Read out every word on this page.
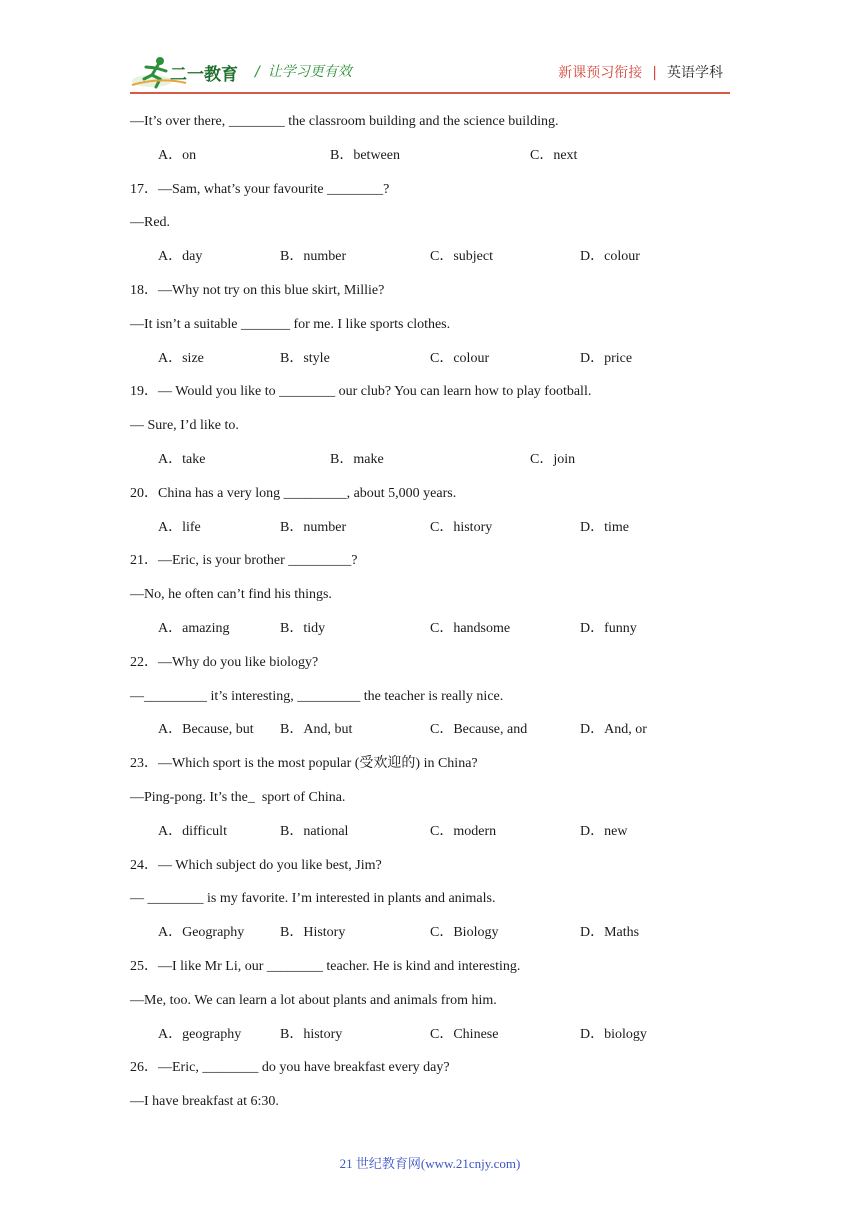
二一教育 / 让学习更有效	新课预习衔接 | 英语学科
—It’s over there, ________ the classroom building and the science building.
A．on	B．between	C．next
17．—Sam, what’s your favourite ________?
—Red.
A．day	B．number	C．subject	D．colour
18．—Why not try on this blue skirt, Millie?
—It isn’t a suitable _______ for me. I like sports clothes.
A．size	B．style	C．colour	D．price
19．— Would you like to ________ our club? You can learn how to play football.
— Sure, I’d like to.
A．take	B．make	C．join
20．China has a very long _________, about 5,000 years.
A．life	B．number	C．history	D．time
21．—Eric, is your brother _________?
—No, he often can’t find his things.
A．amazing	B．tidy	C．handsome	D．funny
22．—Why do you like biology?
—_________ it’s interesting, _________ the teacher is really nice.
A．Because, but B．And, but	C．Because, and	D．And, or
23．—Which sport is the most popular (受欢迎的) in China?
—Ping-pong. It’s the_  sport of China.
A．difficult	B．national	C．modern	D．new
24．— Which subject do you like best, Jim?
— ________ is my favorite. I’m interested in plants and animals.
A．Geography	B．History	C．Biology	D．Maths
25．—I like Mr Li, our ________ teacher. He is kind and interesting.
—Me, too. We can learn a lot about plants and animals from him.
A．geography	B．history	C．Chinese	D．biology
26．—Eric, ________ do you have breakfast every day?
—I have breakfast at 6:30.
21 世纪教育网(www.21cnjy.com)
